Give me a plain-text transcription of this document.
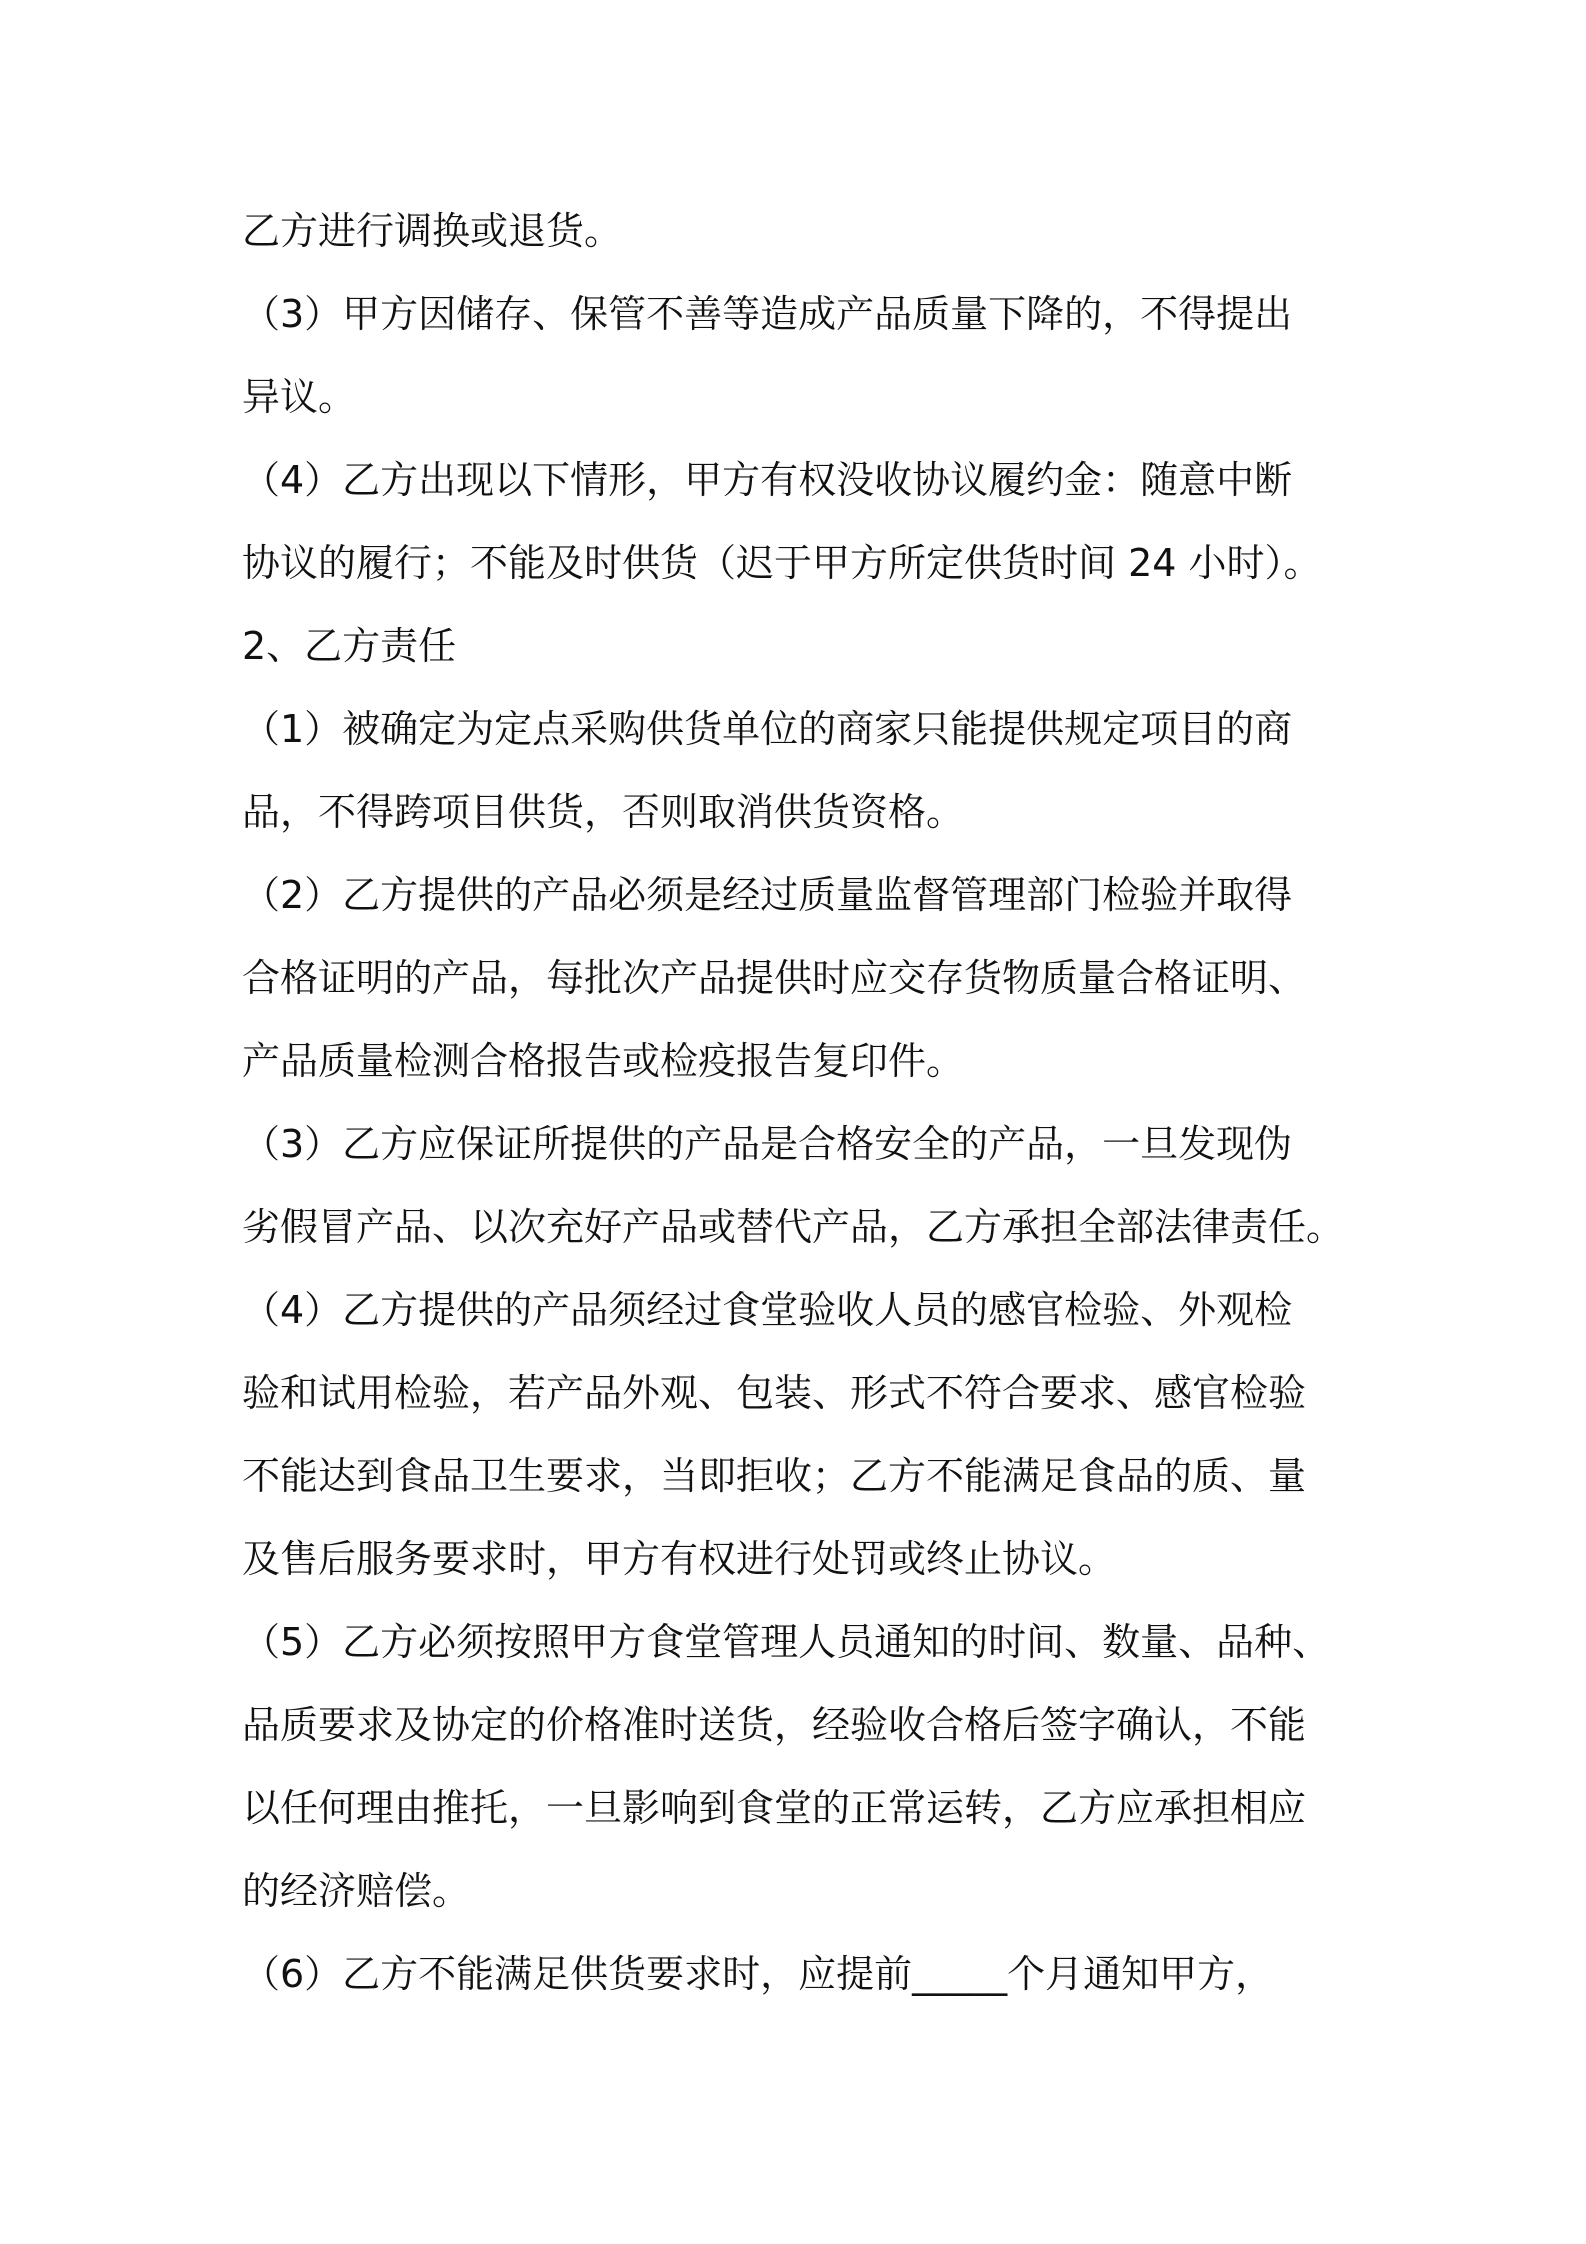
乙方进行调换或退货。
（3）甲方因储存、保管不善等造成产品质量下降的，不得提出
异议。
（4）乙方出现以下情形，甲方有权没收协议履约金：随意中断
协议的履行；不能及时供货（迟于甲方所定供货时间 24 小时）。
2、乙方责任
（1）被确定为定点采购供货单位的商家只能提供规定项目的商
品，不得跨项目供货，否则取消供货资格。
（2）乙方提供的产品必须是经过质量监督管理部门检验并取得
合格证明的产品，每批次产品提供时应交存货物质量合格证明、
产品质量检测合格报告或检疫报告复印件。
（3）乙方应保证所提供的产品是合格安全的产品，一旦发现伪
劣假冒产品、以次充好产品或替代产品，乙方承担全部法律责任。
（4）乙方提供的产品须经过食堂验收人员的感官检验、外观检
验和试用检验，若产品外观、包装、形式不符合要求、感官检验
不能达到食品卫生要求，当即拒收；乙方不能满足食品的质、量
及售后服务要求时，甲方有权进行处罚或终止协议。
（5）乙方必须按照甲方食堂管理人员通知的时间、数量、品种、
品质要求及协定的价格准时送货，经验收合格后签字确认，不能
以任何理由推托，一旦影响到食堂的正常运转，乙方应承担相应
的经济赔偿。
（6）乙方不能满足供货要求时，应提前_____个月通知甲方，
